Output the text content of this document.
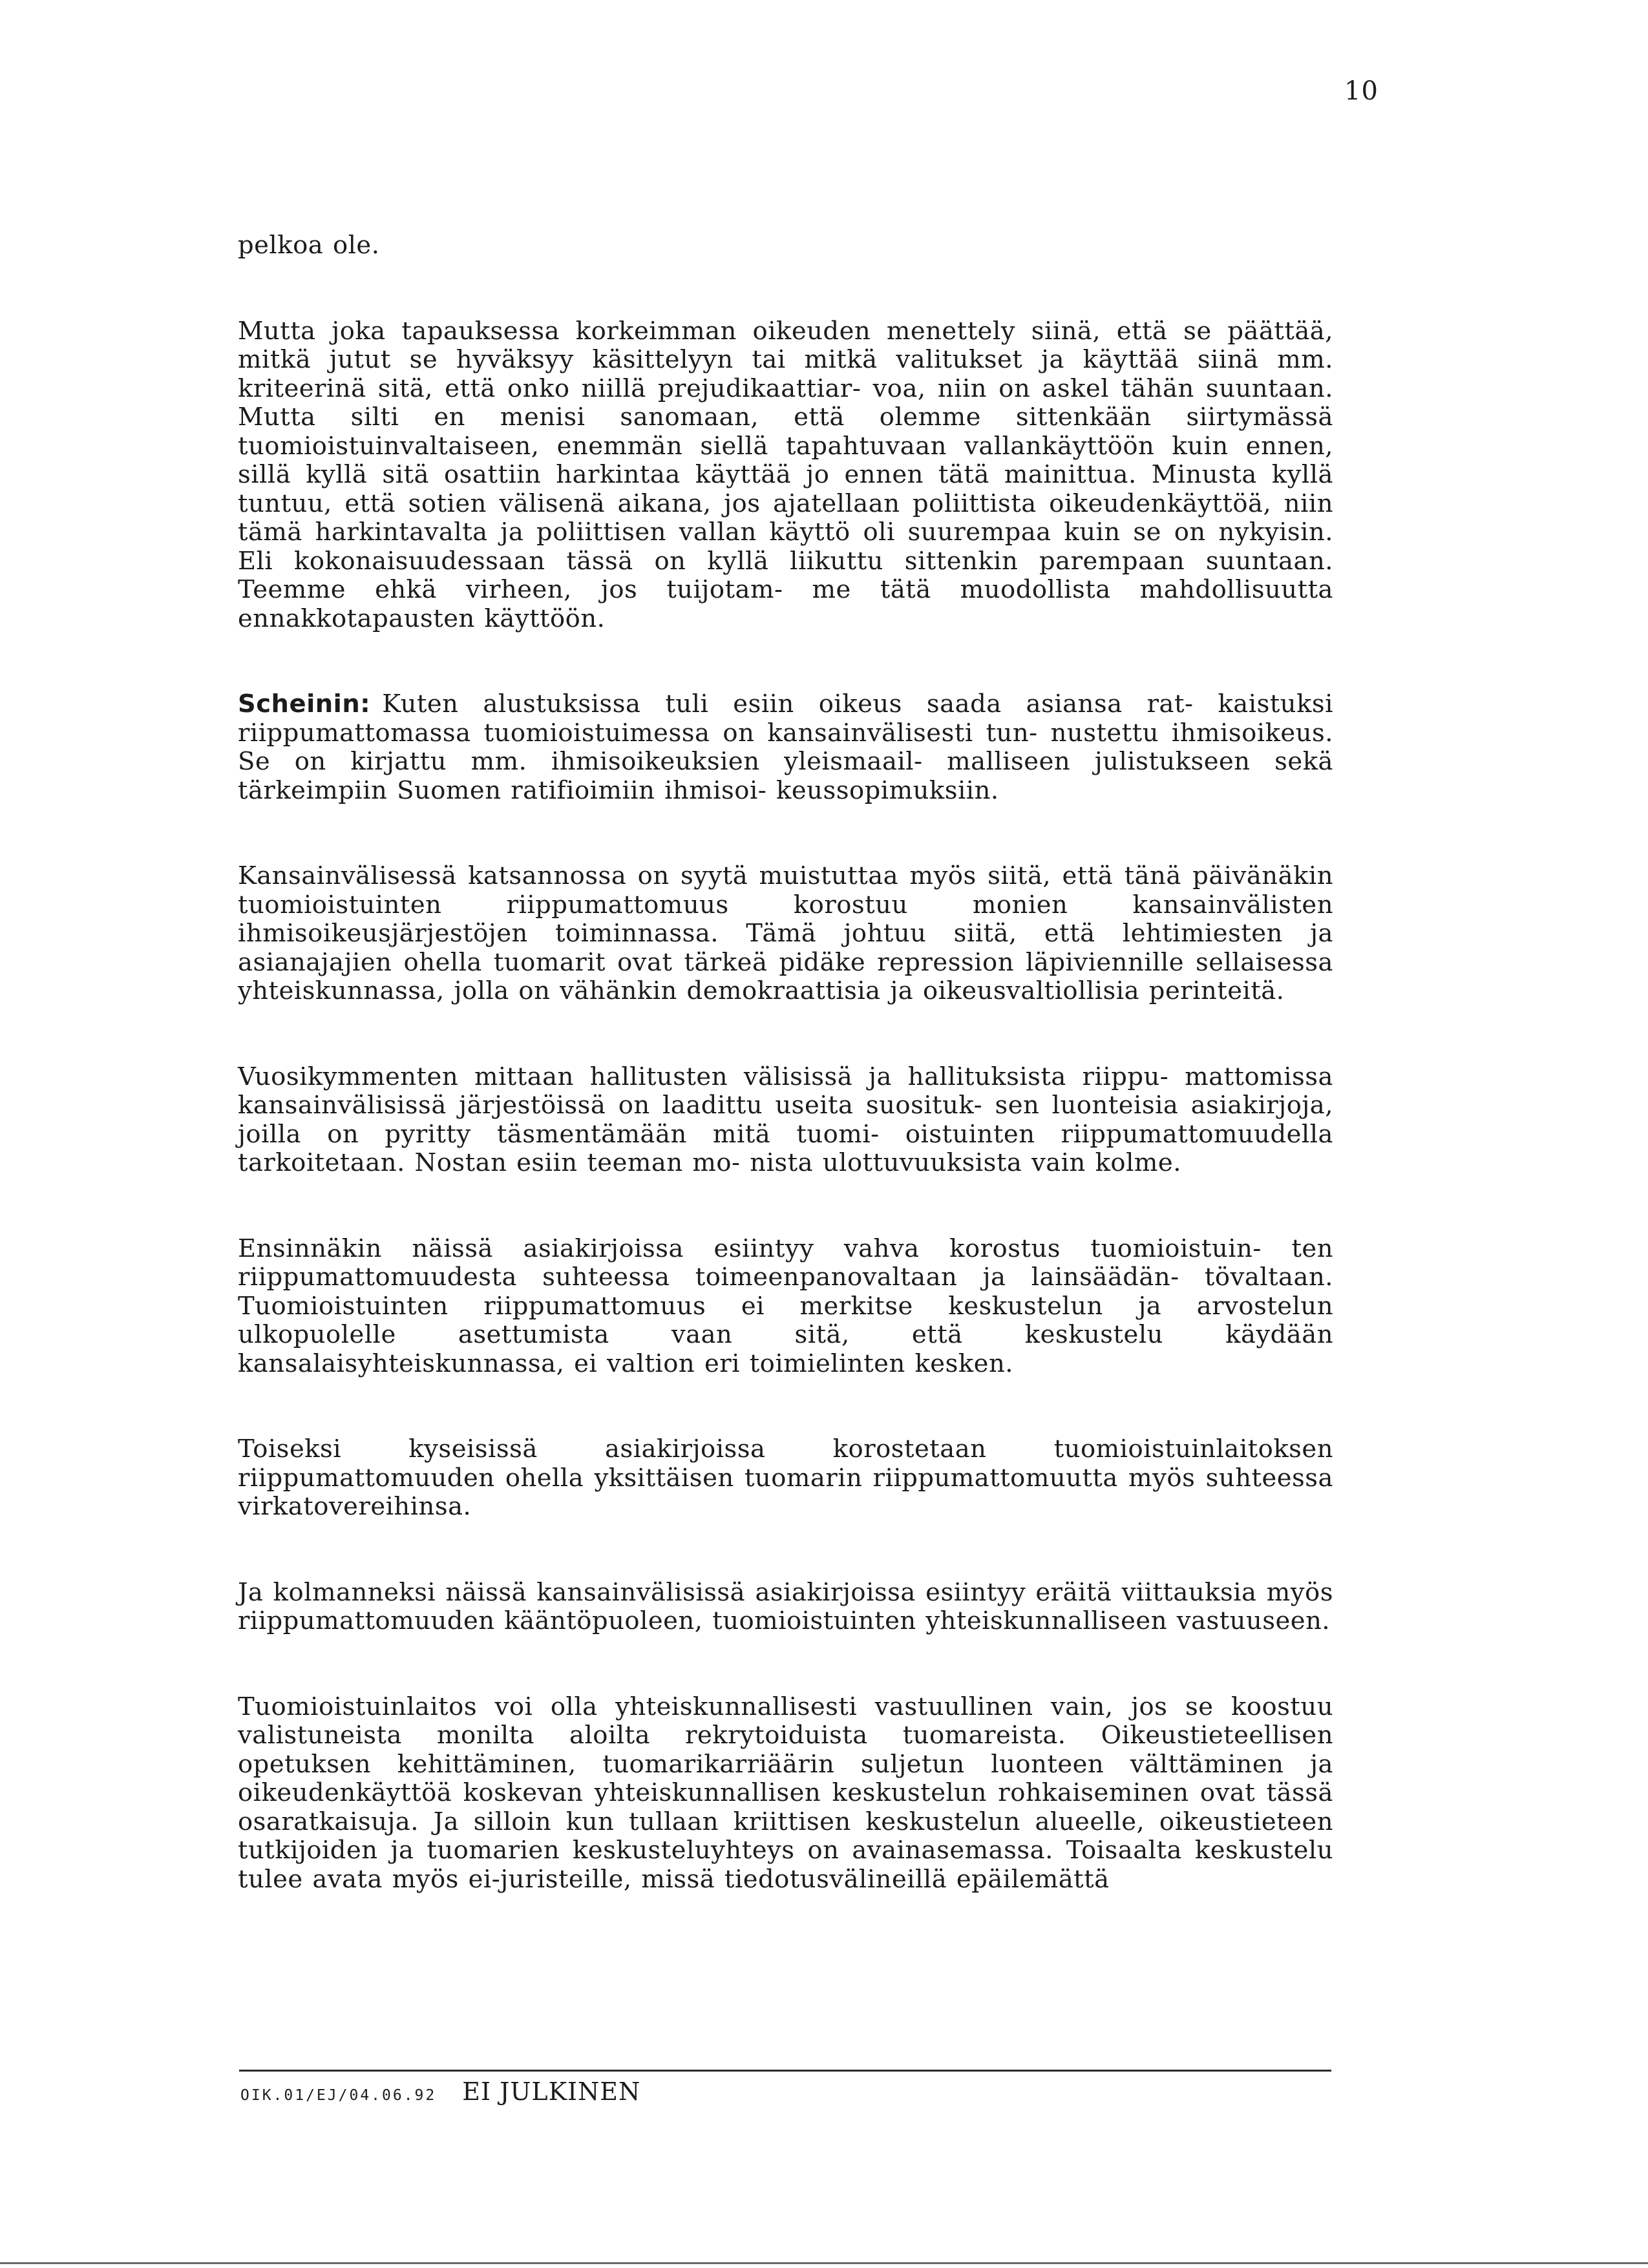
10

pelkoa ole.

Mutta joka tapauksessa korkeimman oikeuden menettely siinä, että se päättää, mitkä jutut se hyväksyy käsittelyyn tai mitkä valitukset ja käyttää siinä mm. kriteerinä sitä, että onko niillä prejudikaattiar- voa, niin on askel tähän suuntaan. Mutta silti en menisi sanomaan, että olemme sittenkään siirtymässä tuomioistuinvaltaiseen, enemmän siellä tapahtuvaan vallankäyttöön kuin ennen, sillä kyllä sitä osattiin harkintaa käyttää jo ennen tätä mainittua. Minusta kyllä tuntuu, että sotien välisenä aikana, jos ajatellaan poliittista oikeudenkäyttöä, niin tämä harkintavalta ja poliittisen vallan käyttö oli suurempaa kuin se on nykyisin. Eli kokonaisuudessaan tässä on kyllä liikuttu sittenkin parempaan suuntaan. Teemme ehkä virheen, jos tuijotam- me tätä muodollista mahdollisuutta ennakkotapausten käyttöön.

Scheinin: Kuten alustuksissa tuli esiin oikeus saada asiansa rat- kaistuksi riippumattomassa tuomioistuimessa on kansainvälisesti tun- nustettu ihmisoikeus. Se on kirjattu mm. ihmisoikeuksien yleismaail- malliseen julistukseen sekä tärkeimpiin Suomen ratifioimiin ihmisoi- keussopimuksiin.

Kansainvälisessä katsannossa on syytä muistuttaa myös siitä, että tänä päivänäkin tuomioistuinten riippumattomuus korostuu monien kansainvälisten ihmisoikeusjärjestöjen toiminnassa. Tämä johtuu siitä, että lehtimiesten ja asianajajien ohella tuomarit ovat tärkeä pidäke repression läpiviennille sellaisessa yhteiskunnassa, jolla on vähänkin demokraattisia ja oikeusvaltiollisia perinteitä.

Vuosikymmenten mittaan hallitusten välisissä ja hallituksista riippu- mattomissa kansainvälisissä järjestöissä on laadittu useita suosituk- sen luonteisia asiakirjoja, joilla on pyritty täsmentämään mitä tuomi- oistuinten riippumattomuudella tarkoitetaan. Nostan esiin teeman mo- nista ulottuvuuksista vain kolme.

Ensinnäkin näissä asiakirjoissa esiintyy vahva korostus tuomioistuin- ten riippumattomuudesta suhteessa toimeenpanovaltaan ja lainsäädän- tövaltaan. Tuomioistuinten riippumattomuus ei merkitse keskustelun ja arvostelun ulkopuolelle asettumista vaan sitä, että keskustelu käydään kansalaisyhteiskunnassa, ei valtion eri toimielinten kesken.

Toiseksi kyseisissä asiakirjoissa korostetaan tuomioistuinlaitoksen riippumattomuuden ohella yksittäisen tuomarin riippumattomuutta myös suhteessa virkatovereihinsa.

Ja kolmanneksi näissä kansainvälisissä asiakirjoissa esiintyy eräitä viittauksia myös riippumattomuuden kääntöpuoleen, tuomioistuinten yhteiskunnalliseen vastuuseen.

Tuomioistuinlaitos voi olla yhteiskunnallisesti vastuullinen vain, jos se koostuu valistuneista monilta aloilta rekrytoiduista tuomareista. Oikeustieteellisen opetuksen kehittäminen, tuomarikarriäärin suljetun luonteen välttäminen ja oikeudenkäyttöä koskevan yhteiskunnallisen keskustelun rohkaiseminen ovat tässä osaratkaisuja. Ja silloin kun tullaan kriittisen keskustelun alueelle, oikeustieteen tutkijoiden ja tuomarien keskusteluyhteys on avainasemassa. Toisaalta keskustelu tulee avata myös ei-juristeille, missä tiedotusvälineillä epäilemättä

OIK.01/EJ/04.06.92 EI JULKINEN
